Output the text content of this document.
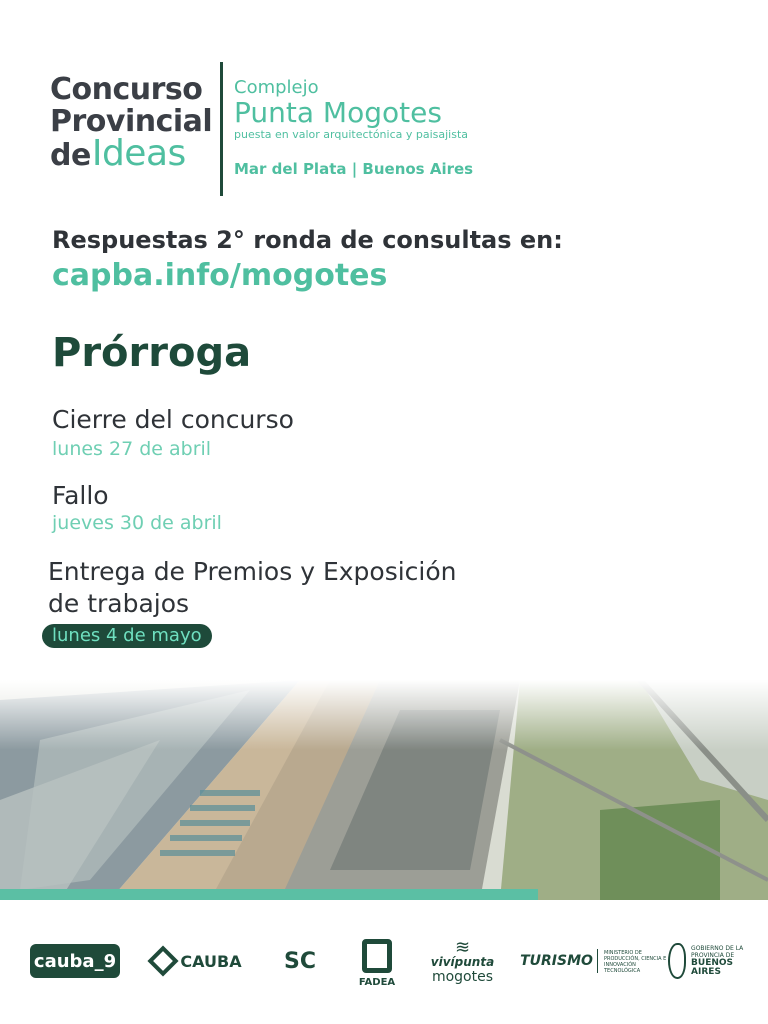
Concurso
Provincial
deIdeas
Complejo
Punta Mogotes
puesta en valor arquitectónica y paisajista
Mar del Plata | Buenos Aires
Respuestas 2° ronda de consultas en:
capba.info/mogotes
Prórroga
Cierre del concurso
lunes 27 de abril
Fallo
jueves 30 de abril
Entrega de Premios y Exposición
de trabajos
lunes 4 de mayo
cauba_9	CAUBA	SC
FADEA
≋
vivípunta
mogotes
TURISMO	MINISTERIO DE PRODUCCIÓN, CIENCIA E INNOVACIÓN TECNOLÓGICA
GOBIERNO DE LA PROVINCIA DE
BUENOS AIRES
